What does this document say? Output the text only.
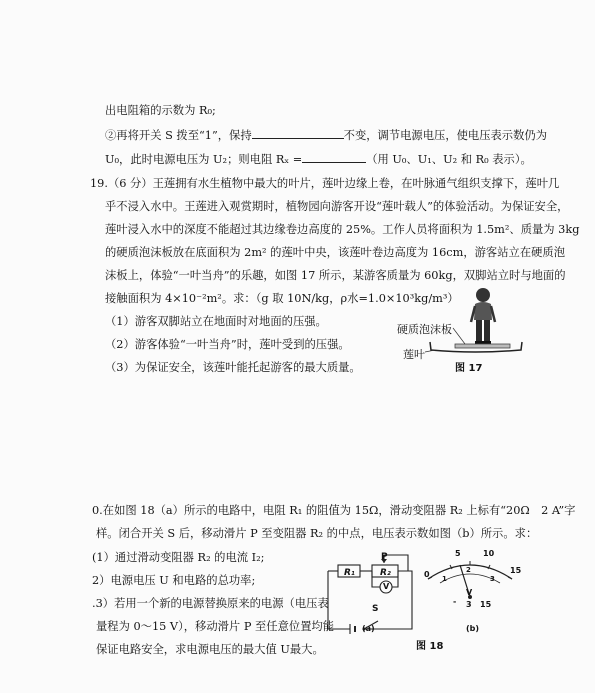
出电阻箱的示数为 R₀;
②再将开关 S 拨至“1”，保持	不变，调节电源电压，使电压表示数仍为
U₀，此时电源电压为 U₂；则电阻 Rₓ =	（用 U₀、U₁、U₂ 和 R₀ 表示）。
19.（6 分）王莲拥有水生植物中最大的叶片，莲叶边缘上卷，在叶脉通气组织支撑下，莲叶几
乎不浸入水中。王莲进入观赏期时，植物园向游客开设“莲叶载人”的体验活动。为保证安全，
莲叶浸入水中的深度不能超过其边缘卷边高度的 25%。工作人员将面积为 1.5m²、质量为 3kg
的硬质泡沫板放在底面积为 2m² 的莲叶中央，该莲叶卷边高度为 16cm，游客站立在硬质泡
沫板上，体验“一叶当舟”的乐趣，如图 17 所示，某游客质量为 60kg，双脚站立时与地面的
接触面积为 4×10⁻²m²。求：（g 取 10N/kg，ρ水=1.0×10³kg/m³）
（1）游客双脚站立在地面时对地面的压强。
（2）游客体验“一叶当舟”时，莲叶受到的压强。
（3）为保证安全，该莲叶能托起游客的最大质量。
硬质泡沫板
莲叶
图 17
0.在如图 18（a）所示的电路中，电阻 R₁ 的阻值为 15Ω，滑动变阻器 R₂ 上标有“20Ω　2 A”字
样。闭合开关 S 后，移动滑片 P 至变阻器 R₂ 的中点，电压表示数如图（b）所示。求：
(1）通过滑动变阻器 R₂ 的电流 I₂;
2）电源电压 U 和电路的总功率;
.3）若用一个新的电源替换原来的电源（电压表
量程为 0～15 V），移动滑片 P 至任意位置均能
保证电路安全，求电源电压的最大值 U最大。
P
R₁	R₂
V
S
(a)
0
5	10
15
1
2
3
V
- 3 15
(b)
图 18
